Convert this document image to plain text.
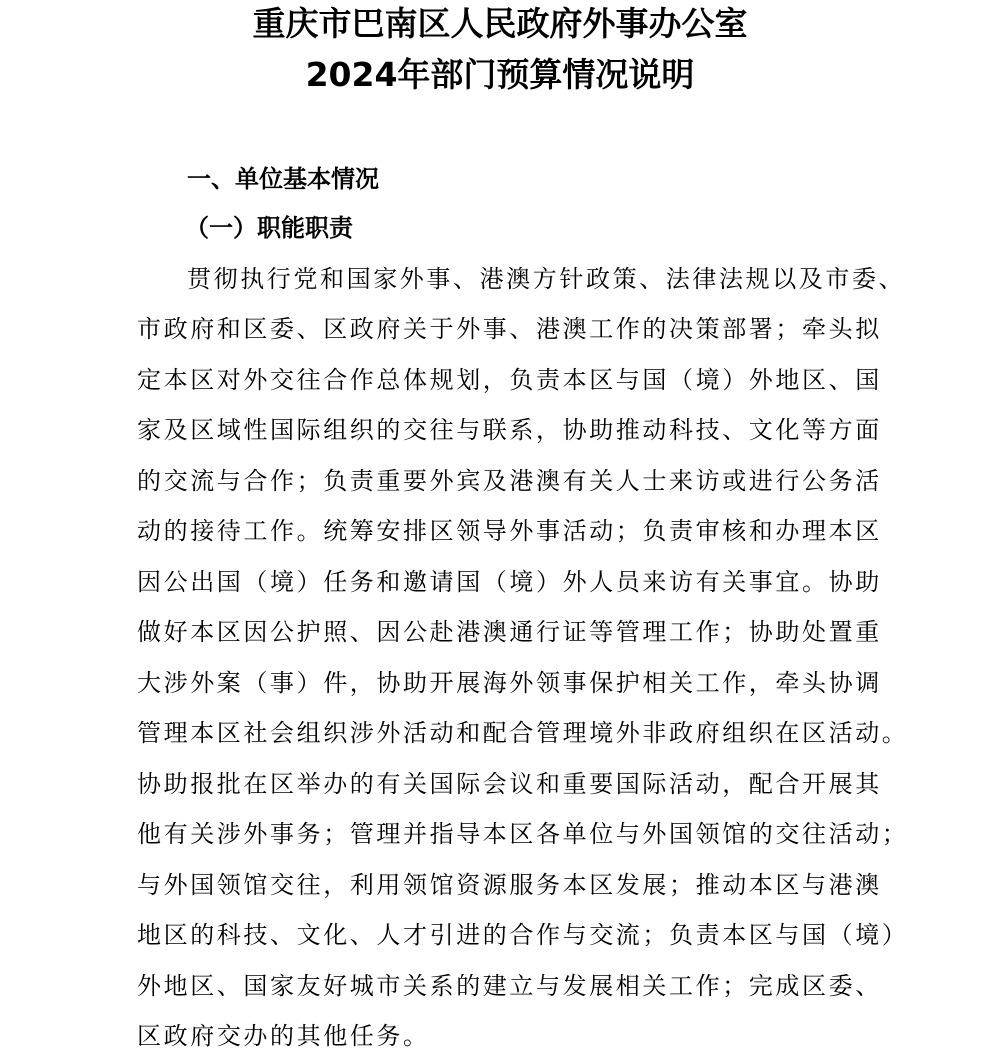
重庆市巴南区人民政府外事办公室
2024年部门预算情况说明
一、单位基本情况
（一）职能职责
贯彻执行党和国家外事、港澳方针政策、法律法规以及市委、
市政府和区委、区政府关于外事、港澳工作的决策部署；牵头拟
定本区对外交往合作总体规划，负责本区与国（境）外地区、国
家及区域性国际组织的交往与联系，协助推动科技、文化等方面
的交流与合作；负责重要外宾及港澳有关人士来访或进行公务活
动的接待工作。统筹安排区领导外事活动；负责审核和办理本区
因公出国（境）任务和邀请国（境）外人员来访有关事宜。协助
做好本区因公护照、因公赴港澳通行证等管理工作；协助处置重
大涉外案（事）件，协助开展海外领事保护相关工作，牵头协调
管理本区社会组织涉外活动和配合管理境外非政府组织在区活动。
协助报批在区举办的有关国际会议和重要国际活动，配合开展其
他有关涉外事务；管理并指导本区各单位与外国领馆的交往活动；
与外国领馆交往，利用领馆资源服务本区发展；推动本区与港澳
地区的科技、文化、人才引进的合作与交流；负责本区与国（境）
外地区、国家友好城市关系的建立与发展相关工作；完成区委、
区政府交办的其他任务。
